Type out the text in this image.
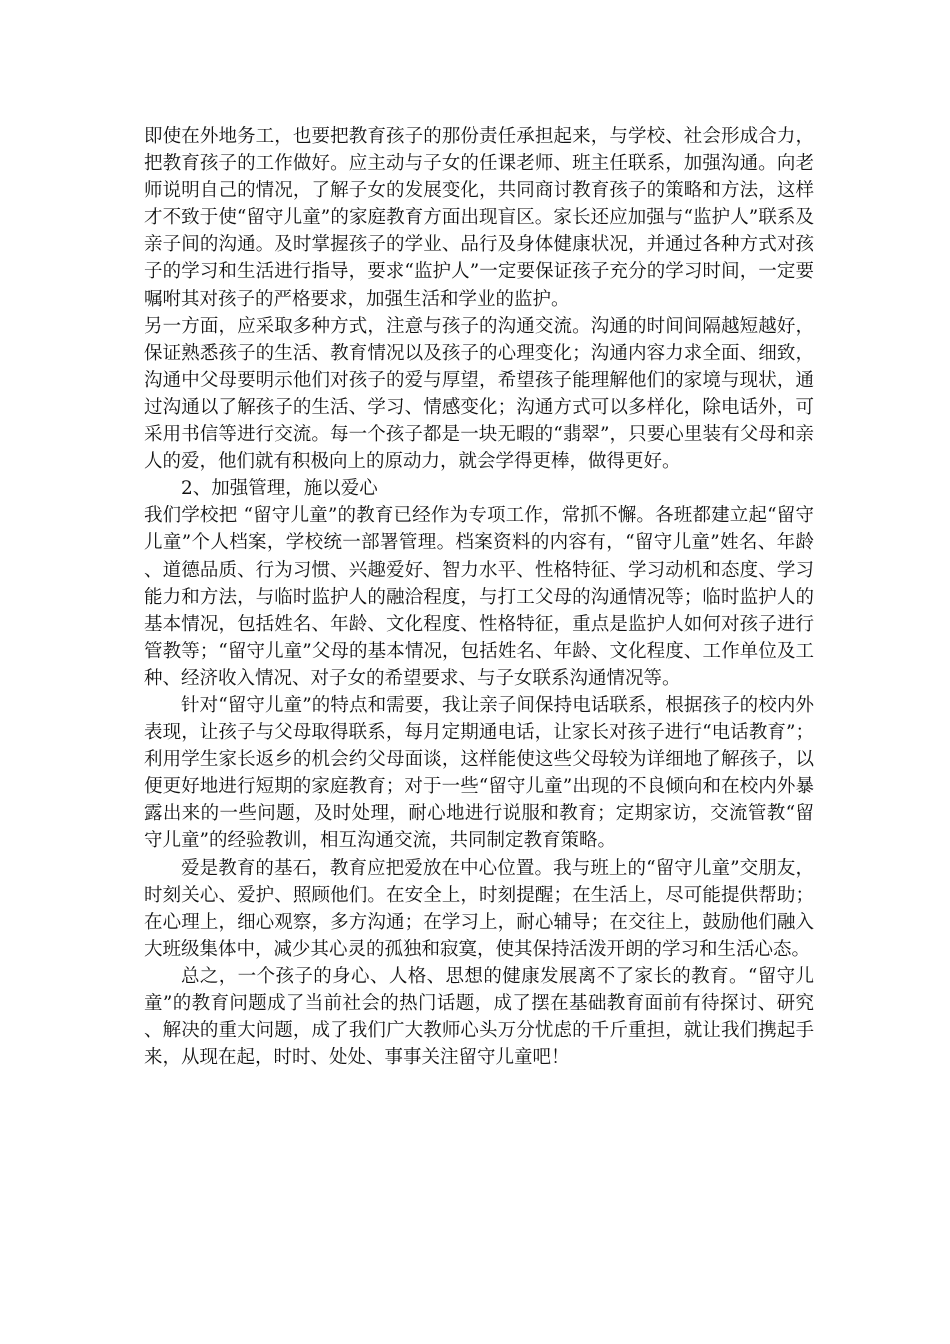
即使在外地务工，也要把教育孩子的那份责任承担起来，与学校、社会形成合力，把教育孩子的工作做好。应主动与子女的任课老师、班主任联系，加强沟通。向老师说明自己的情况，了解子女的发展变化，共同商讨教育孩子的策略和方法，这样才不致于使“留守儿童”的家庭教育方面出现盲区。家长还应加强与“监护人”联系及亲子间的沟通。及时掌握孩子的学业、品行及身体健康状况，并通过各种方式对孩子的学习和生活进行指导，要求“监护人”一定要保证孩子充分的学习时间，一定要嘱咐其对孩子的严格要求，加强生活和学业的监护。

另一方面，应采取多种方式，注意与孩子的沟通交流。沟通的时间间隔越短越好，保证熟悉孩子的生活、教育情况以及孩子的心理变化；沟通内容力求全面、细致，沟通中父母要明示他们对孩子的爱与厚望，希望孩子能理解他们的家境与现状，通过沟通以了解孩子的生活、学习、情感变化；沟通方式可以多样化，除电话外，可采用书信等进行交流。每一个孩子都是一块无暇的“翡翠”，只要心里装有父母和亲人的爱，他们就有积极向上的原动力，就会学得更棒，做得更好。

2、加强管理，施以爱心

我们学校把 “留守儿童”的教育已经作为专项工作，常抓不懈。各班都建立起“留守儿童”个人档案，学校统一部署管理。档案资料的内容有，“留守儿童”姓名、年龄、道德品质、行为习惯、兴趣爱好、智力水平、性格特征、学习动机和态度、学习能力和方法，与临时监护人的融洽程度，与打工父母的沟通情况等；临时监护人的基本情况，包括姓名、年龄、文化程度、性格特征，重点是监护人如何对孩子进行管教等；“留守儿童”父母的基本情况，包括姓名、年龄、文化程度、工作单位及工种、经济收入情况、对子女的希望要求、与子女联系沟通情况等。

针对“留守儿童”的特点和需要，我让亲子间保持电话联系，根据孩子的校内外表现，让孩子与父母取得联系，每月定期通电话，让家长对孩子进行“电话教育”；利用学生家长返乡的机会约父母面谈，这样能使这些父母较为详细地了解孩子，以便更好地进行短期的家庭教育；对于一些“留守儿童”出现的不良倾向和在校内外暴露出来的一些问题，及时处理，耐心地进行说服和教育；定期家访，交流管教“留守儿童”的经验教训，相互沟通交流，共同制定教育策略。

爱是教育的基石，教育应把爱放在中心位置。我与班上的“留守儿童”交朋友，时刻关心、爱护、照顾他们。在安全上，时刻提醒；在生活上，尽可能提供帮助；在心理上，细心观察，多方沟通；在学习上，耐心辅导；在交往上，鼓励他们融入大班级集体中，减少其心灵的孤独和寂寞，使其保持活泼开朗的学习和生活心态。

总之，一个孩子的身心、人格、思想的健康发展离不了家长的教育。“留守儿童”的教育问题成了当前社会的热门话题，成了摆在基础教育面前有待探讨、研究、解决的重大问题，成了我们广大教师心头万分忧虑的千斤重担，就让我们携起手来，从现在起，时时、处处、事事关注留守儿童吧！
